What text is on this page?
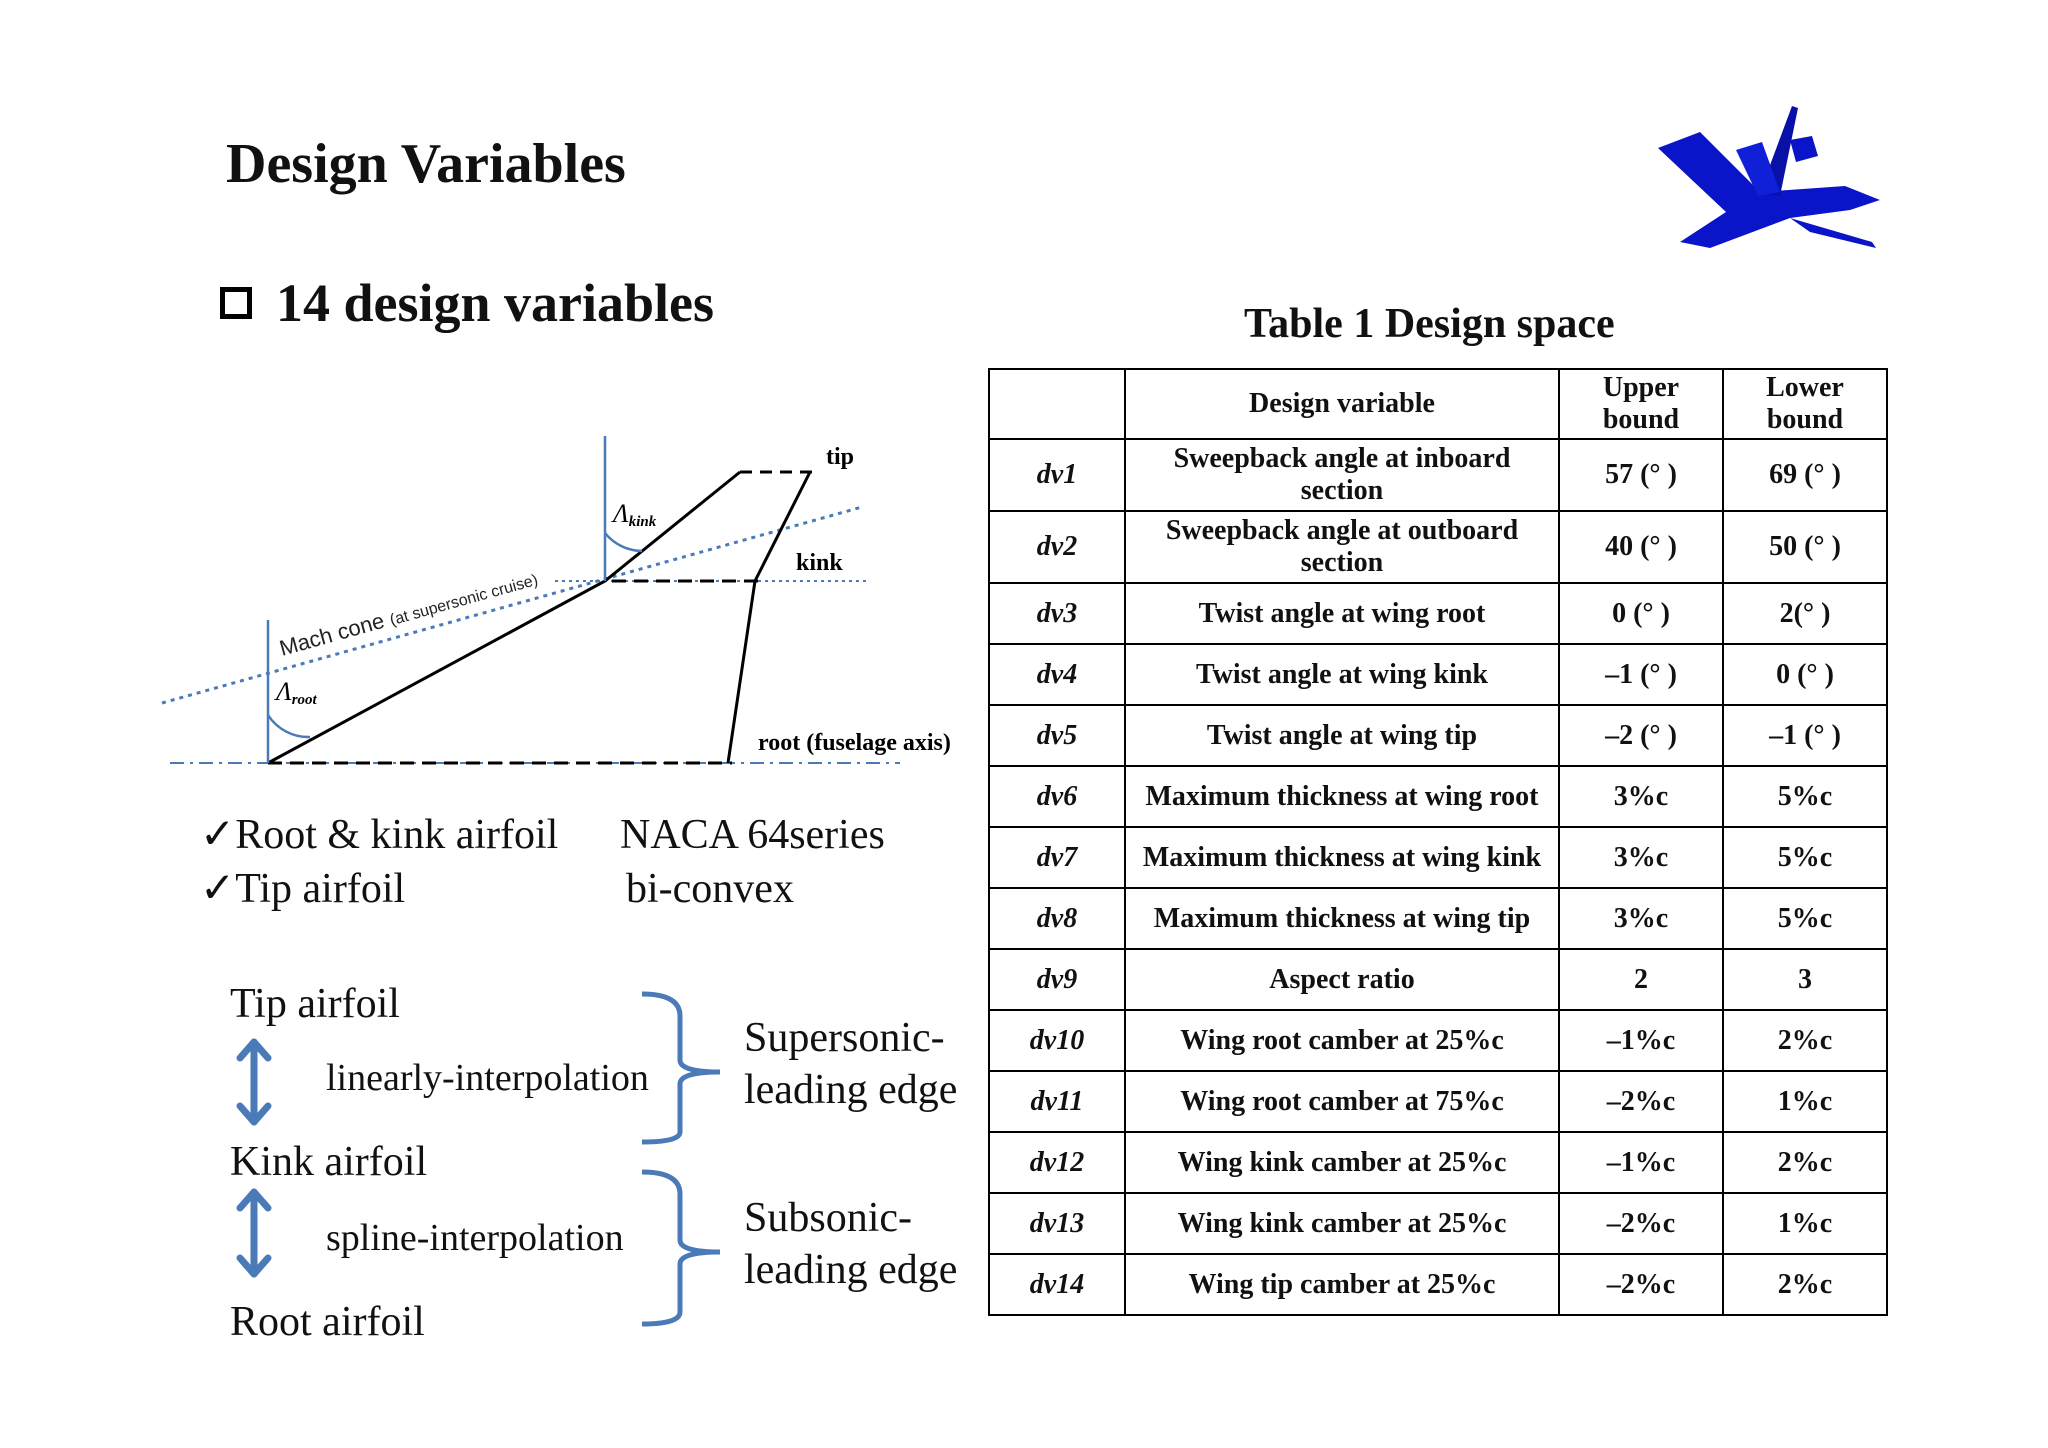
Design Variables
14 design variables
tip
kink
root (fuselage axis)
Λkink
Λroot
Mach cone (at supersonic cruise)
✓Root & kink airfoil	NACA 64series
✓Tip airfoil	bi-convex
Tip airfoil
linearly-interpolation
Kink airfoil
spline-interpolation
Root airfoil
Supersonic-
leading edge
Subsonic-
leading edge
Table 1 Design space
	Design variable	Upper bound	Lower bound
dv1	Sweepback angle at inboard section	57 (° )	69 (° )
dv2	Sweepback angle at outboard section	40 (° )	50 (° )
dv3	Twist angle at wing root	0 (° )	2(° )
dv4	Twist angle at wing kink	–1 (° )	0 (° )
dv5	Twist angle at wing tip	–2 (° )	–1 (° )
dv6	Maximum thickness at wing root	3%c	5%c
dv7	Maximum thickness at wing kink	3%c	5%c
dv8	Maximum thickness at wing tip	3%c	5%c
dv9	Aspect ratio	2	3
dv10	Wing root camber at 25%c	–1%c	2%c
dv11	Wing root camber at 75%c	–2%c	1%c
dv12	Wing kink camber at 25%c	–1%c	2%c
dv13	Wing kink camber at 25%c	–2%c	1%c
dv14	Wing tip camber at 25%c	–2%c	2%c
